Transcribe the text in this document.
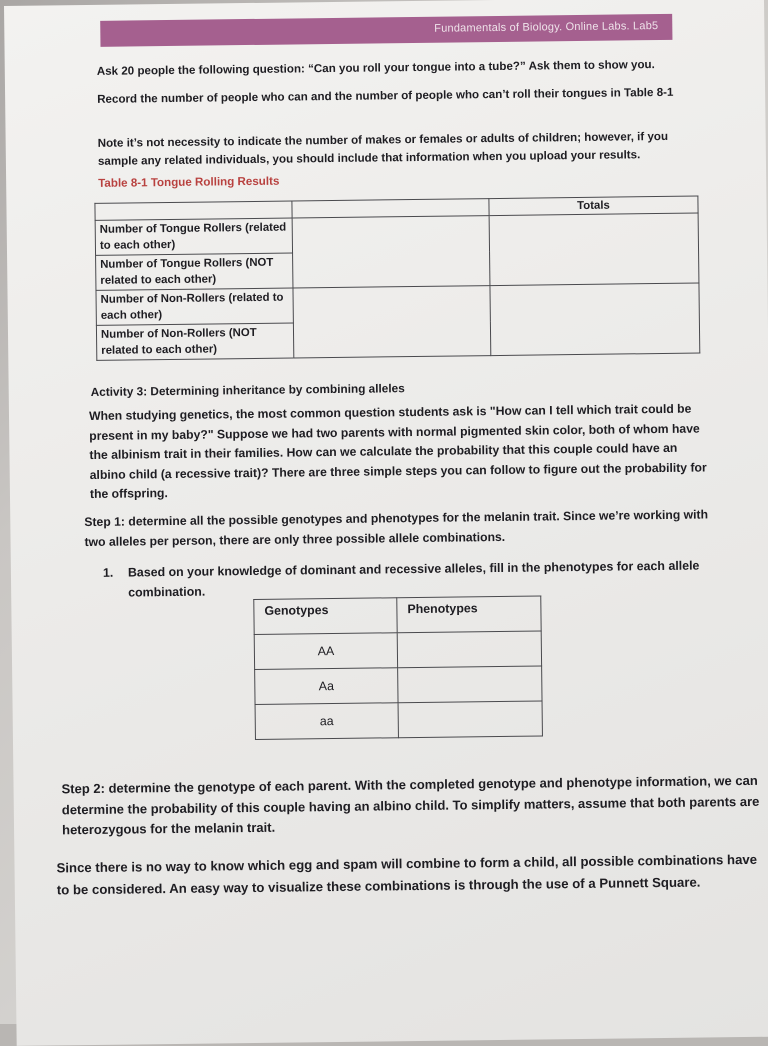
Fundamentals of Biology. Online Labs. Lab5
Ask 20 people the following question: “Can you roll your tongue into a tube?” Ask them to show you.
Record the number of people who can and the number of people who can’t roll their tongues in Table 8-1
Note it’s not necessity to indicate the number of makes or females or adults of children; however, if you sample any related individuals, you should include that information when you upload your results.
Table 8-1 Tongue Rolling Results
		Totals
Number of Tongue Rollers (related to each other)		
Number of Tongue Rollers (NOT related to each other)		
Number of Non-Rollers (related to each other)		
Number of Non-Rollers (NOT related to each other)		
Activity 3: Determining inheritance by combining alleles
When studying genetics, the most common question students ask is "How can I tell which trait could be present in my baby?" Suppose we had two parents with normal pigmented skin color, both of whom have the albinism trait in their families. How can we calculate the probability that this couple could have an albino child (a recessive trait)? There are three simple steps you can follow to figure out the probability for the offspring.
Step 1: determine all the possible genotypes and phenotypes for the melanin trait. Since we’re working with two alleles per person, there are only three possible allele combinations.
1. Based on your knowledge of dominant and recessive alleles, fill in the phenotypes for each allele combination.
Genotypes	Phenotypes
AA	
Aa	
aa	
Step 2: determine the genotype of each parent. With the completed genotype and phenotype information, we can determine the probability of this couple having an albino child. To simplify matters, assume that both parents are heterozygous for the melanin trait.
Since there is no way to know which egg and spam will combine to form a child, all possible combinations have to be considered. An easy way to visualize these combinations is through the use of a Punnett Square.
